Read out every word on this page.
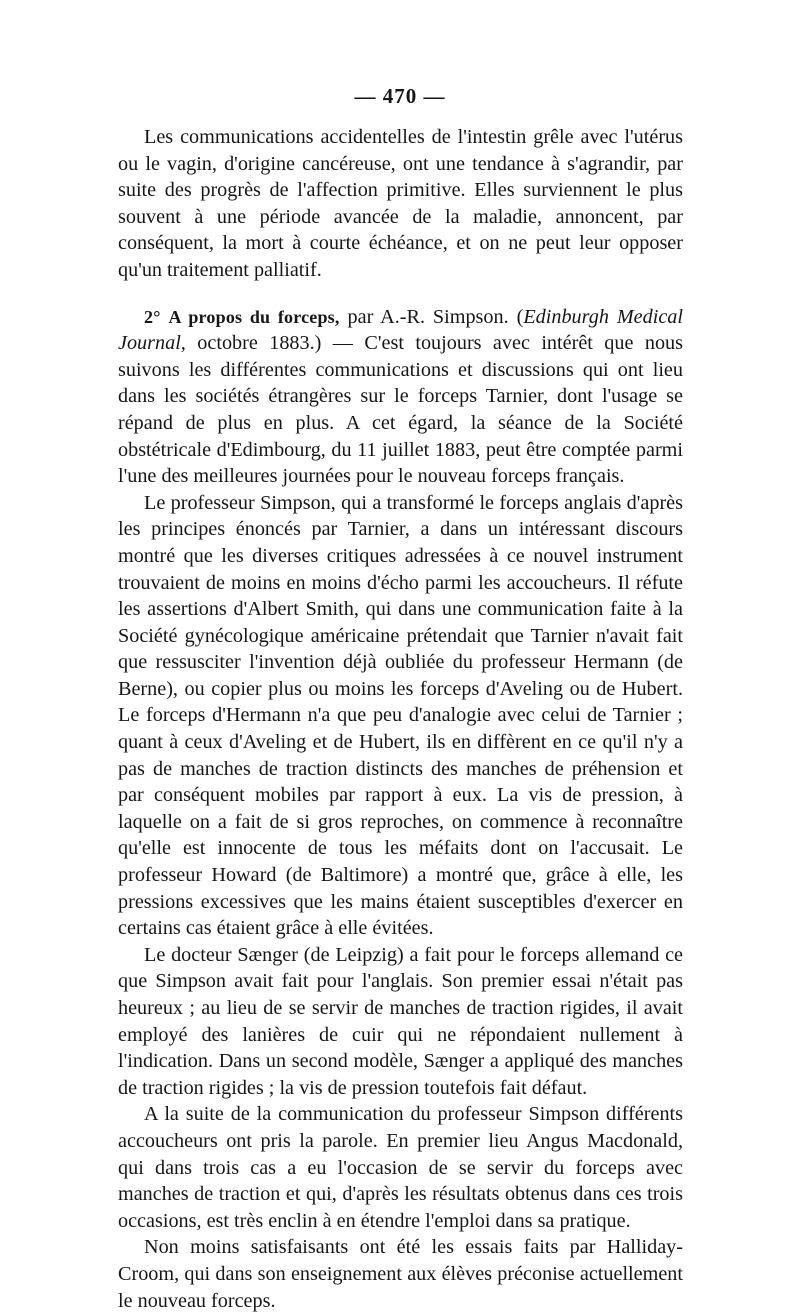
— 470 —

Les communications accidentelles de l'intestin grêle avec l'utérus ou le vagin, d'origine cancéreuse, ont une tendance à s'agrandir, par suite des progrès de l'affection primitive. Elles surviennent le plus souvent à une période avancée de la maladie, annoncent, par conséquent, la mort à courte échéance, et on ne peut leur opposer qu'un traitement palliatif.

2° A propos du forceps, par A.-R. Simpson. (Edinburgh Medical Journal, octobre 1883.) — C'est toujours avec intérêt que nous suivons les différentes communications et discussions qui ont lieu dans les sociétés étrangères sur le forceps Tarnier, dont l'usage se répand de plus en plus. A cet égard, la séance de la Société obstétricale d'Edimbourg, du 11 juillet 1883, peut être comptée parmi l'une des meilleures journées pour le nouveau forceps français.

Le professeur Simpson, qui a transformé le forceps anglais d'après les principes énoncés par Tarnier, a dans un intéressant discours montré que les diverses critiques adressées à ce nouvel instrument trouvaient de moins en moins d'écho parmi les accoucheurs. Il réfute les assertions d'Albert Smith, qui dans une communication faite à la Société gynécologique américaine prétendait que Tarnier n'avait fait que ressusciter l'invention déjà oubliée du professeur Hermann (de Berne), ou copier plus ou moins les forceps d'Aveling ou de Hubert. Le forceps d'Hermann n'a que peu d'analogie avec celui de Tarnier ; quant à ceux d'Aveling et de Hubert, ils en diffèrent en ce qu'il n'y a pas de manches de traction distincts des manches de préhension et par conséquent mobiles par rapport à eux. La vis de pression, à laquelle on a fait de si gros reproches, on commence à reconnaître qu'elle est innocente de tous les méfaits dont on l'accusait. Le professeur Howard (de Baltimore) a montré que, grâce à elle, les pressions excessives que les mains étaient susceptibles d'exercer en certains cas étaient grâce à elle évitées.

Le docteur Sænger (de Leipzig) a fait pour le forceps allemand ce que Simpson avait fait pour l'anglais. Son premier essai n'était pas heureux ; au lieu de se servir de manches de traction rigides, il avait employé des lanières de cuir qui ne répondaient nullement à l'indication. Dans un second modèle, Sænger a appliqué des manches de traction rigides ; la vis de pression toutefois fait défaut.

A la suite de la communication du professeur Simpson différents accoucheurs ont pris la parole. En premier lieu Angus Macdonald, qui dans trois cas a eu l'occasion de se servir du forceps avec manches de traction et qui, d'après les résultats obtenus dans ces trois occasions, est très enclin à en étendre l'emploi dans sa pratique.

Non moins satisfaisants ont été les essais faits par Halliday-Croom, qui dans son enseignement aux élèves préconise actuellement le nouveau forceps.
